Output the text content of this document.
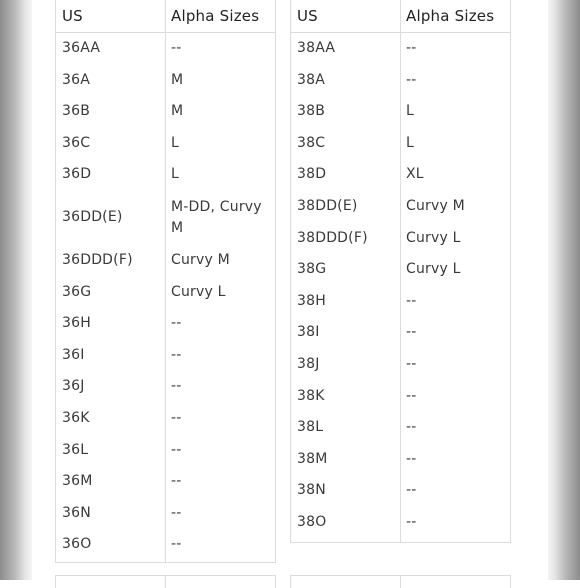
US	Alpha Sizes
36AA	--
36A	M
36B	M
36C	L
36D	L
36DD(E)	M-DD, Curvy M
36DDD(F)	Curvy M
36G	Curvy L
36H	--
36I	--
36J	--
36K	--
36L	--
36M	--
36N	--
36O	--
US	Alpha Sizes
38AA	--
38A	--
38B	L
38C	L
38D	XL
38DD(E)	Curvy M
38DDD(F)	Curvy L
38G	Curvy L
38H	--
38I	--
38J	--
38K	--
38L	--
38M	--
38N	--
38O	--
